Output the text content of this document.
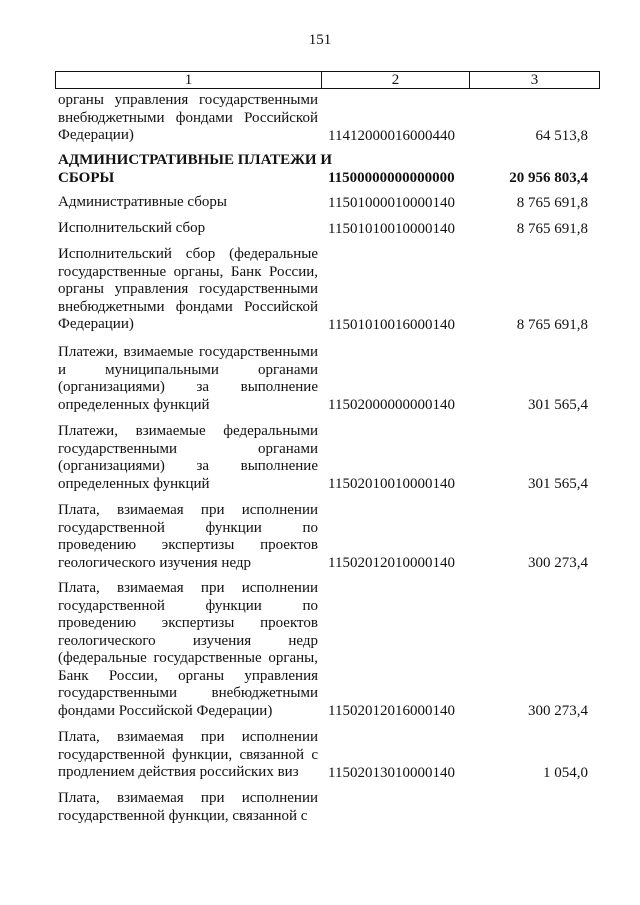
151
1	2	3
органы управления государственными
внебюджетными фондами Российской
Федерации)	11412000016000440	64 513,8
АДМИНИСТРАТИВНЫЕ ПЛАТЕЖИ И
СБОРЫ	11500000000000000	20 956 803,4
Административные сборы	11501000010000140	8 765 691,8
Исполнительский сбор	11501010010000140	8 765 691,8
Исполнительский сбор (федеральные
государственные органы, Банк России,
органы управления государственными
внебюджетными фондами Российской
Федерации)	11501010016000140	8 765 691,8
Платежи, взимаемые государственными
и муниципальными органами
(организациями) за выполнение
определенных функций	11502000000000140	301 565,4
Платежи, взимаемые федеральными
государственными органами
(организациями) за выполнение
определенных функций	11502010010000140	301 565,4
Плата, взимаемая при исполнении
государственной функции по
проведению экспертизы проектов
геологического изучения недр	11502012010000140	300 273,4
Плата, взимаемая при исполнении
государственной функции по
проведению экспертизы проектов
геологического изучения недр
(федеральные государственные органы,
Банк России, органы управления
государственными внебюджетными
фондами Российской Федерации)	11502012016000140	300 273,4
Плата, взимаемая при исполнении
государственной функции, связанной с
продлением действия российских виз	11502013010000140	1 054,0
Плата, взимаемая при исполнении
государственной функции, связанной с
